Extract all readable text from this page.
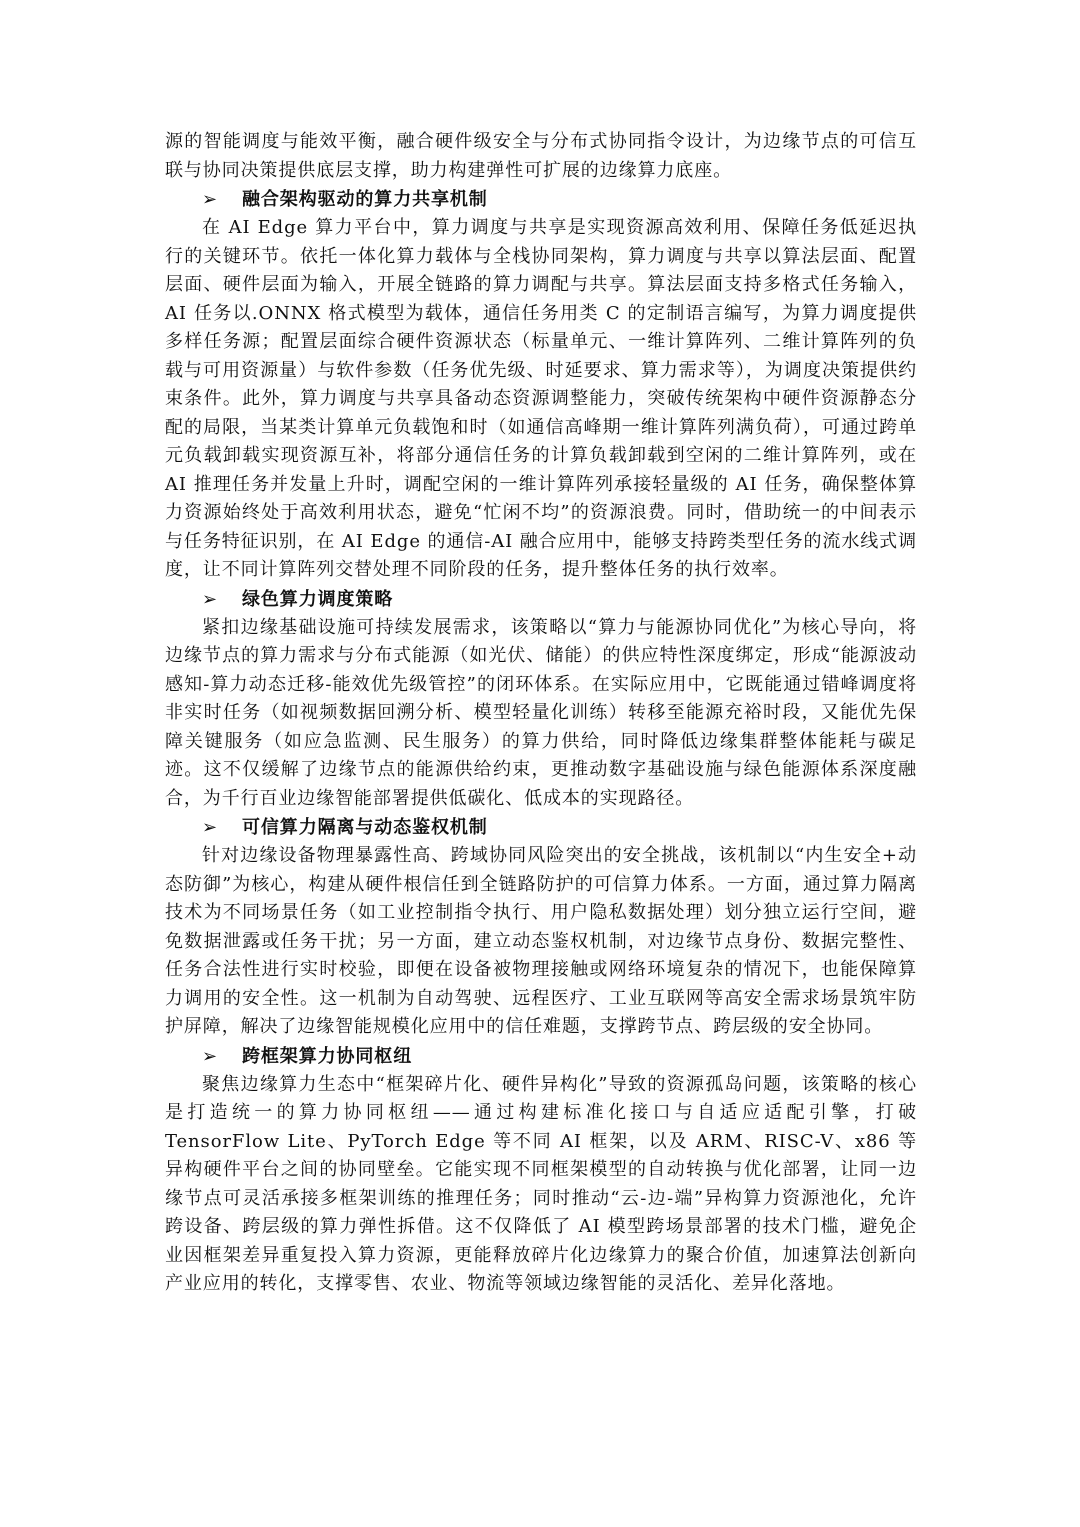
源的智能调度与能效平衡，融合硬件级安全与分布式协同指令设计，为边缘节点的可信互联与协同决策提供底层支撑，助力构建弹性可扩展的边缘算力底座。

➢ 融合架构驱动的算力共享机制

在 AI Edge 算力平台中，算力调度与共享是实现资源高效利用、保障任务低延迟执行的关键环节。依托一体化算力载体与全栈协同架构，算力调度与共享以算法层面、配置层面、硬件层面为输入，开展全链路的算力调配与共享。算法层面支持多格式任务输入，AI 任务以.ONNX 格式模型为载体，通信任务用类 C 的定制语言编写，为算力调度提供多样任务源；配置层面综合硬件资源状态（标量单元、一维计算阵列、二维计算阵列的负载与可用资源量）与软件参数（任务优先级、时延要求、算力需求等），为调度决策提供约束条件。此外，算力调度与共享具备动态资源调整能力，突破传统架构中硬件资源静态分配的局限，当某类计算单元负载饱和时（如通信高峰期一维计算阵列满负荷），可通过跨单元负载卸载实现资源互补，将部分通信任务的计算负载卸载到空闲的二维计算阵列，或在 AI 推理任务并发量上升时，调配空闲的一维计算阵列承接轻量级的 AI 任务，确保整体算力资源始终处于高效利用状态，避免“忙闲不均”的资源浪费。同时，借助统一的中间表示与任务特征识别，在 AI Edge 的通信-AI 融合应用中，能够支持跨类型任务的流水线式调度，让不同计算阵列交替处理不同阶段的任务，提升整体任务的执行效率。

➢ 绿色算力调度策略

紧扣边缘基础设施可持续发展需求，该策略以“算力与能源协同优化”为核心导向，将边缘节点的算力需求与分布式能源（如光伏、储能）的供应特性深度绑定，形成“能源波动感知-算力动态迁移-能效优先级管控”的闭环体系。在实际应用中，它既能通过错峰调度将非实时任务（如视频数据回溯分析、模型轻量化训练）转移至能源充裕时段，又能优先保障关键服务（如应急监测、民生服务）的算力供给，同时降低边缘集群整体能耗与碳足迹。这不仅缓解了边缘节点的能源供给约束，更推动数字基础设施与绿色能源体系深度融合，为千行百业边缘智能部署提供低碳化、低成本的实现路径。

➢ 可信算力隔离与动态鉴权机制

针对边缘设备物理暴露性高、跨域协同风险突出的安全挑战，该机制以“内生安全+动态防御”为核心，构建从硬件根信任到全链路防护的可信算力体系。一方面，通过算力隔离技术为不同场景任务（如工业控制指令执行、用户隐私数据处理）划分独立运行空间，避免数据泄露或任务干扰；另一方面，建立动态鉴权机制，对边缘节点身份、数据完整性、任务合法性进行实时校验，即便在设备被物理接触或网络环境复杂的情况下，也能保障算力调用的安全性。这一机制为自动驾驶、远程医疗、工业互联网等高安全需求场景筑牢防护屏障，解决了边缘智能规模化应用中的信任难题，支撑跨节点、跨层级的安全协同。

➢ 跨框架算力协同枢纽

聚焦边缘算力生态中“框架碎片化、硬件异构化”导致的资源孤岛问题，该策略的核心是打造统一的算力协同枢纽——通过构建标准化接口与自适应适配引擎，打破 TensorFlow Lite、PyTorch Edge 等不同 AI 框架，以及 ARM、RISC-V、x86 等异构硬件平台之间的协同壁垒。它能实现不同框架模型的自动转换与优化部署，让同一边缘节点可灵活承接多框架训练的推理任务；同时推动“云-边-端”异构算力资源池化，允许跨设备、跨层级的算力弹性拆借。这不仅降低了 AI 模型跨场景部署的技术门槛，避免企业因框架差异重复投入算力资源，更能释放碎片化边缘算力的聚合价值，加速算法创新向产业应用的转化，支撑零售、农业、物流等领域边缘智能的灵活化、差异化落地。
